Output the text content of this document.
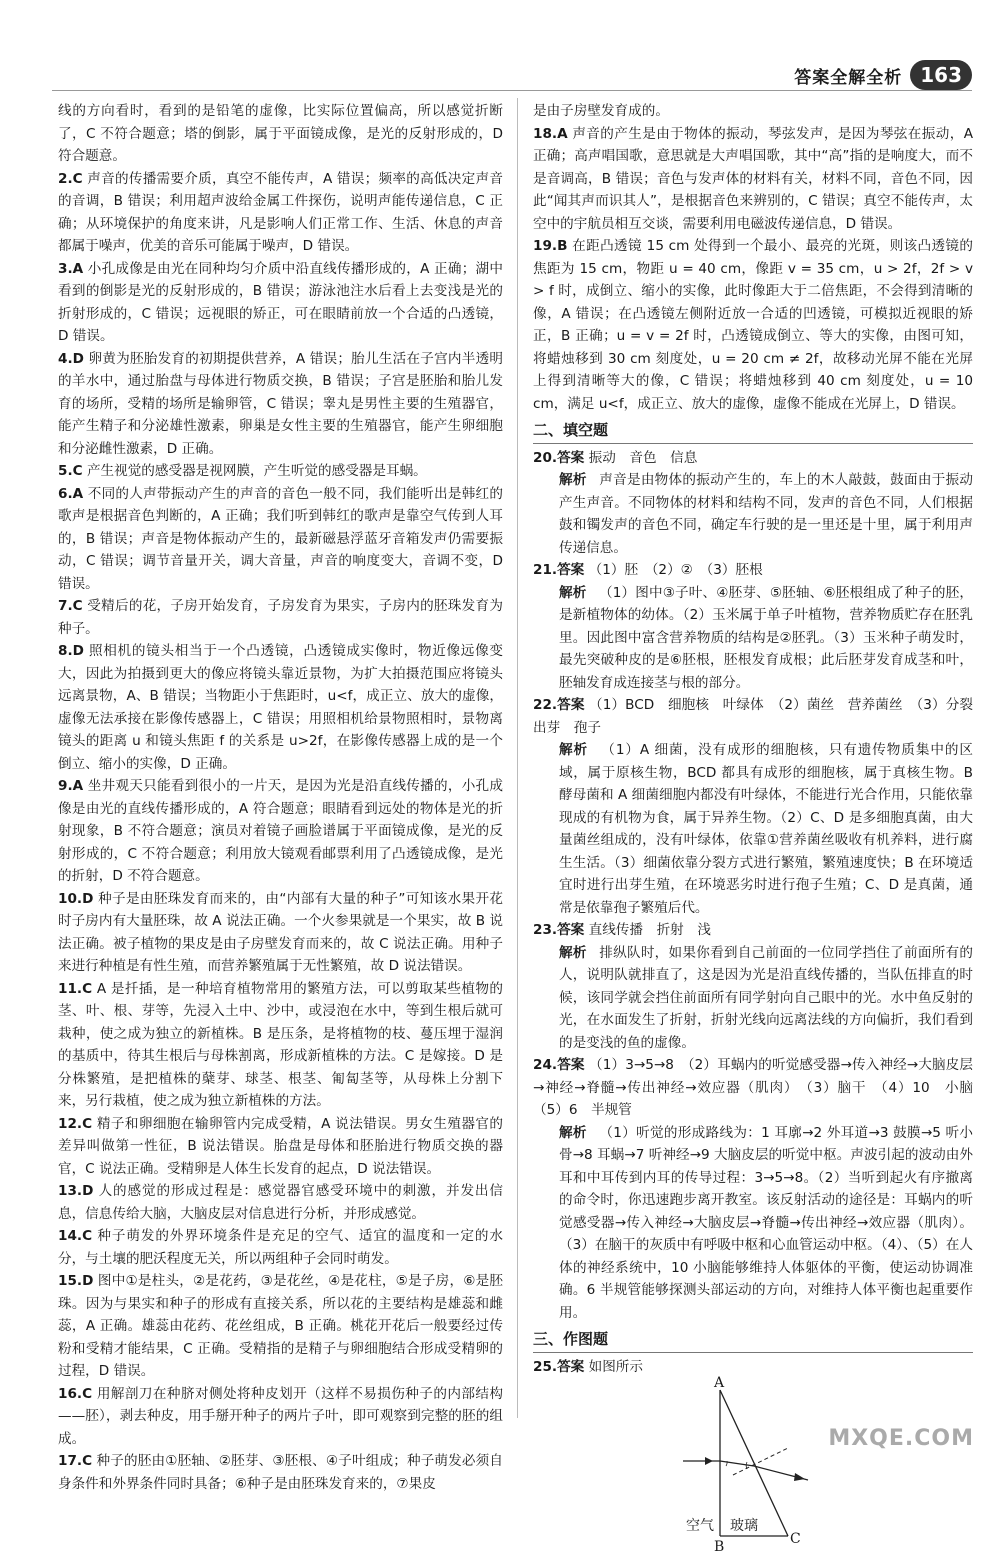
答案全解全析 163
线的方向看时，看到的是铅笔的虚像，比实际位置偏高，所以感觉折断了，C 不符合题意；塔的倒影，属于平面镜成像，是光的反射形成的，D 符合题意。
2.C 声音的传播需要介质，真空不能传声，A 错误；频率的高低决定声音的音调，B 错误；利用超声波给金属工件探伤，说明声能传递信息，C 正确；从环境保护的角度来讲，凡是影响人们正常工作、生活、休息的声音都属于噪声，优美的音乐可能属于噪声，D 错误。
3.A 小孔成像是由光在同种均匀介质中沿直线传播形成的，A 正确；湖中看到的倒影是光的反射形成的，B 错误；游泳池注水后看上去变浅是光的折射形成的，C 错误；远视眼的矫正，可在眼睛前放一个合适的凸透镜，D 错误。
4.D 卵黄为胚胎发育的初期提供营养，A 错误；胎儿生活在子宫内半透明的羊水中，通过胎盘与母体进行物质交换，B 错误；子宫是胚胎和胎儿发育的场所，受精的场所是输卵管，C 错误；睾丸是男性主要的生殖器官，能产生精子和分泌雄性激素，卵巢是女性主要的生殖器官，能产生卵细胞和分泌雌性激素，D 正确。
5.C 产生视觉的感受器是视网膜，产生听觉的感受器是耳蜗。
6.A 不同的人声带振动产生的声音的音色一般不同，我们能听出是韩红的歌声是根据音色判断的，A 正确；我们听到韩红的歌声是靠空气传到人耳的，B 错误；声音是物体振动产生的，最新磁悬浮蓝牙音箱发声仍需要振动，C 错误；调节音量开关，调大音量，声音的响度变大，音调不变，D 错误。
7.C 受精后的花，子房开始发育，子房发育为果实，子房内的胚珠发育为种子。
8.D 照相机的镜头相当于一个凸透镜，凸透镜成实像时，物近像远像变大，因此为拍摄到更大的像应将镜头靠近景物，为扩大拍摄范围应将镜头远离景物，A、B 错误；当物距小于焦距时，u<f，成正立、放大的虚像，虚像无法承接在影像传感器上，C 错误；用照相机给景物照相时，景物离镜头的距离 u 和镜头焦距 f 的关系是 u>2f，在影像传感器上成的是一个倒立、缩小的实像，D 正确。
9.A 坐井观天只能看到很小的一片天，是因为光是沿直线传播的，小孔成像是由光的直线传播形成的，A 符合题意；眼睛看到远处的物体是光的折射现象，B 不符合题意；演员对着镜子画脸谱属于平面镜成像，是光的反射形成的，C 不符合题意；利用放大镜观看邮票利用了凸透镜成像，是光的折射，D 不符合题意。
10.D 种子是由胚珠发育而来的，由“内部有大量的种子”可知该水果开花时子房内有大量胚珠，故 A 说法正确。一个火参果就是一个果实，故 B 说法正确。被子植物的果皮是由子房壁发育而来的，故 C 说法正确。用种子来进行种植是有性生殖，而营养繁殖属于无性繁殖，故 D 说法错误。
11.C A 是扦插，是一种培育植物常用的繁殖方法，可以剪取某些植物的茎、叶、根、芽等，先浸入土中、沙中，或浸泡在水中，等到生根后就可栽种，使之成为独立的新植株。B 是压条，是将植物的枝、蔓压埋于湿润的基质中，待其生根后与母株割离，形成新植株的方法。C 是嫁接。D 是分株繁殖，是把植株的蘖芽、球茎、根茎、匍匐茎等，从母株上分割下来，另行栽植，使之成为独立新植株的方法。
12.C 精子和卵细胞在输卵管内完成受精，A 说法错误。男女生殖器官的差异叫做第一性征，B 说法错误。胎盘是母体和胚胎进行物质交换的器官，C 说法正确。受精卵是人体生长发育的起点，D 说法错误。
13.D 人的感觉的形成过程是：感觉器官感受环境中的刺激，并发出信息，信息传给大脑，大脑皮层对信息进行分析，并形成感觉。
14.C 种子萌发的外界环境条件是充足的空气、适宜的温度和一定的水分，与土壤的肥沃程度无关，所以两组种子会同时萌发。
15.D 图中①是柱头，②是花药，③是花丝，④是花柱，⑤是子房，⑥是胚珠。因为与果实和种子的形成有直接关系，所以花的主要结构是雄蕊和雌蕊，A 正确。雄蕊由花药、花丝组成，B 正确。桃花开花后一般要经过传粉和受精才能结果，C 正确。受精指的是精子与卵细胞结合形成受精卵的过程，D 错误。
16.C 用解剖刀在种脐对侧处将种皮划开（这样不易损伤种子的内部结构——胚），剥去种皮，用手掰开种子的两片子叶，即可观察到完整的胚的组成。
17.C 种子的胚由①胚轴、②胚芽、③胚根、④子叶组成；种子萌发必须自身条件和外界条件同时具备；⑥种子是由胚珠发育来的，⑦果皮
是由子房壁发育成的。
18.A 声音的产生是由于物体的振动，琴弦发声，是因为琴弦在振动，A 正确；高声唱国歌，意思就是大声唱国歌，其中“高”指的是响度大，而不是音调高，B 错误；音色与发声体的材料有关，材料不同，音色不同，因此“闻其声而识其人”，是根据音色来辨别的，C 错误；真空不能传声，太空中的宇航员相互交谈，需要利用电磁波传递信息，D 错误。
19.B 在距凸透镜 15 cm 处得到一个最小、最亮的光斑，则该凸透镜的焦距为 15 cm，物距 u = 40 cm，像距 v = 35 cm，u > 2f，2f > v > f 时，成倒立、缩小的实像，此时像距大于二倍焦距，不会得到清晰的像，A 错误；在凸透镜左侧附近放一合适的凹透镜，可模拟近视眼的矫正，B 正确；u = v = 2f 时，凸透镜成倒立、等大的实像，由图可知，将蜡烛移到 30 cm 刻度处，u = 20 cm ≠ 2f，故移动光屏不能在光屏上得到清晰等大的像，C 错误；将蜡烛移到 40 cm 刻度处，u = 10 cm，满足 u<f，成正立、放大的虚像，虚像不能成在光屏上，D 错误。
二、填空题
20.答案 振动　音色　信息
解析 声音是由物体的振动产生的，车上的木人敲鼓，鼓面由于振动产生声音。不同物体的材料和结构不同，发声的音色不同，人们根据鼓和镯发声的音色不同，确定车行驶的是一里还是十里，属于利用声传递信息。
21.答案 （1）胚　（2）②　（3）胚根
解析 （1）图中③子叶、④胚芽、⑤胚轴、⑥胚根组成了种子的胚，是新植物体的幼体。（2）玉米属于单子叶植物，营养物质贮存在胚乳里。因此图中富含营养物质的结构是②胚乳。（3）玉米种子萌发时，最先突破种皮的是⑥胚根，胚根发育成根；此后胚芽发育成茎和叶，胚轴发育成连接茎与根的部分。
22.答案 （1）BCD　细胞核　叶绿体　（2）菌丝　营养菌丝　（3）分裂　出芽　孢子
解析 （1）A 细菌，没有成形的细胞核，只有遗传物质集中的区域，属于原核生物，BCD 都具有成形的细胞核，属于真核生物。B 酵母菌和 A 细菌细胞内都没有叶绿体，不能进行光合作用，只能依靠现成的有机物为食，属于异养生物。（2）C、D 是多细胞真菌，由大量菌丝组成的，没有叶绿体，依靠①营养菌丝吸收有机养料，进行腐生生活。（3）细菌依靠分裂方式进行繁殖，繁殖速度快；B 在环境适宜时进行出芽生殖，在环境恶劣时进行孢子生殖；C、D 是真菌，通常是依靠孢子繁殖后代。
23.答案 直线传播　折射　浅
解析 排纵队时，如果你看到自己前面的一位同学挡住了前面所有的人，说明队就排直了，这是因为光是沿直线传播的，当队伍排直的时候，该同学就会挡住前面所有同学射向自己眼中的光。水中鱼反射的光，在水面发生了折射，折射光线向远离法线的方向偏折，我们看到的是变浅的鱼的虚像。
24.答案 （1）3→5→8　（2）耳蜗内的听觉感受器→传入神经→大脑皮层→神经→脊髓→传出神经→效应器（肌肉）　（3）脑干　（4）10　小脑　（5）6　半规管
解析 （1）听觉的形成路线为：1 耳廓→2 外耳道→3 鼓膜→5 听小骨→8 耳蜗→7 听神经→9 大脑皮层的听觉中枢。声波引起的波动由外耳和中耳传到内耳的传导过程：3→5→8。（2）当听到起火有序撤离的命令时，你迅速跑步离开教室。该反射活动的途径是：耳蜗内的听觉感受器→传入神经→大脑皮层→脊髓→传出神经→效应器（肌肉）。（3）在脑干的灰质中有呼吸中枢和心血管运动中枢。（4）、（5）在人体的神经系统中，10 小脑能够维持人体躯体的平衡，使运动协调准确。6 半规管能够探测头部运动的方向，对维持人体平衡也起重要作用。
三、作图题
25.答案 如图所示
A
B	C
空气 玻璃
MXQE.COM
